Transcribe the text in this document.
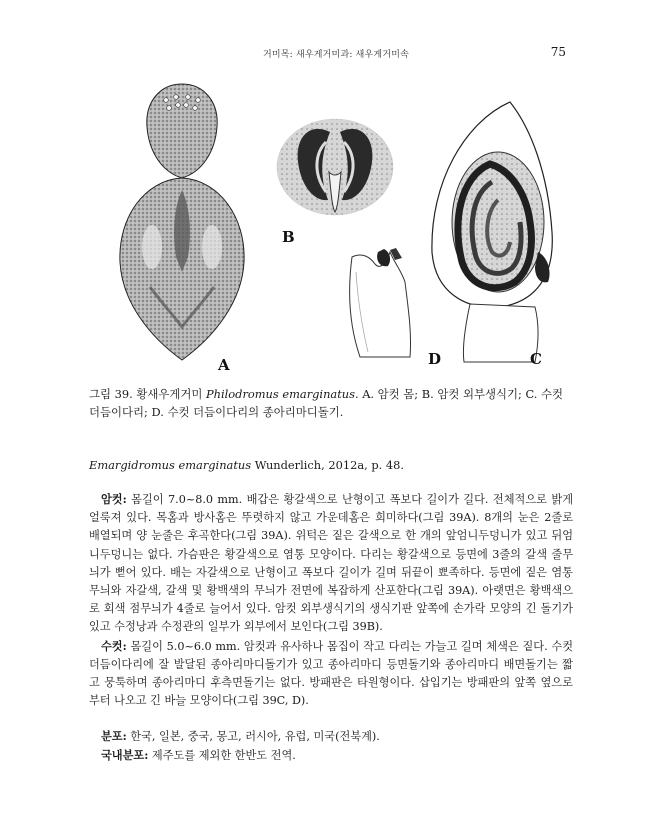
거미목: 새우게거미과: 새우게거미속	75
A
B
D	C
그림 39. 황새우게거미 Philodromus emarginatus. A. 암컷 몸; B. 암컷 외부생식기; C. 수컷 더듬이다리; D. 수컷 더듬이다리의 종아리마디돌기.
Emargidromus emarginatus Wunderlich, 2012a, p. 48.

암컷: 몸길이 7.0~8.0 mm. 배갑은 황갈색으로 난형이고 폭보다 길이가 길다. 전체적으로 밝게 얼룩져 있다. 목홈과 방사홈은 뚜렷하지 않고 가운데홈은 희미하다(그림 39A). 8개의 눈은 2줄로 배열되며 양 눈줄은 후곡한다(그림 39A). 위턱은 짙은 갈색으로 한 개의 앞엄니두덩니가 있고 뒤엄니두덩니는 없다. 가슴판은 황갈색으로 염통 모양이다. 다리는 황갈색으로 등면에 3줄의 갈색 줄무늬가 뻗어 있다. 배는 자갈색으로 난형이고 폭보다 길이가 길며 뒤끝이 뾰족하다. 등면에 짙은 염통 무늬와 자갈색, 갈색 및 황백색의 무늬가 전면에 복잡하게 산포한다(그림 39A). 아랫면은 황백색으로 회색 점무늬가 4줄로 늘어서 있다. 암컷 외부생식기의 생식기판 앞쪽에 손가락 모양의 긴 돌기가 있고 수정낭과 수정관의 일부가 외부에서 보인다(그림 39B).

수컷: 몸길이 5.0~6.0 mm. 암컷과 유사하나 몸집이 작고 다리는 가늘고 길며 체색은 짙다. 수컷 더듬이다리에 잘 발달된 종아리마디돌기가 있고 종아리마디 등면돌기와 종아리마디 배면돌기는 짧고 뭉툭하며 종아리마디 후측면돌기는 없다. 방패판은 타원형이다. 삽입기는 방패판의 앞쪽 옆으로부터 나오고 긴 바늘 모양이다(그림 39C, D).

분포: 한국, 일본, 중국, 몽고, 러시아, 유럽, 미국(전북계).

국내분포: 제주도를 제외한 한반도 전역.
